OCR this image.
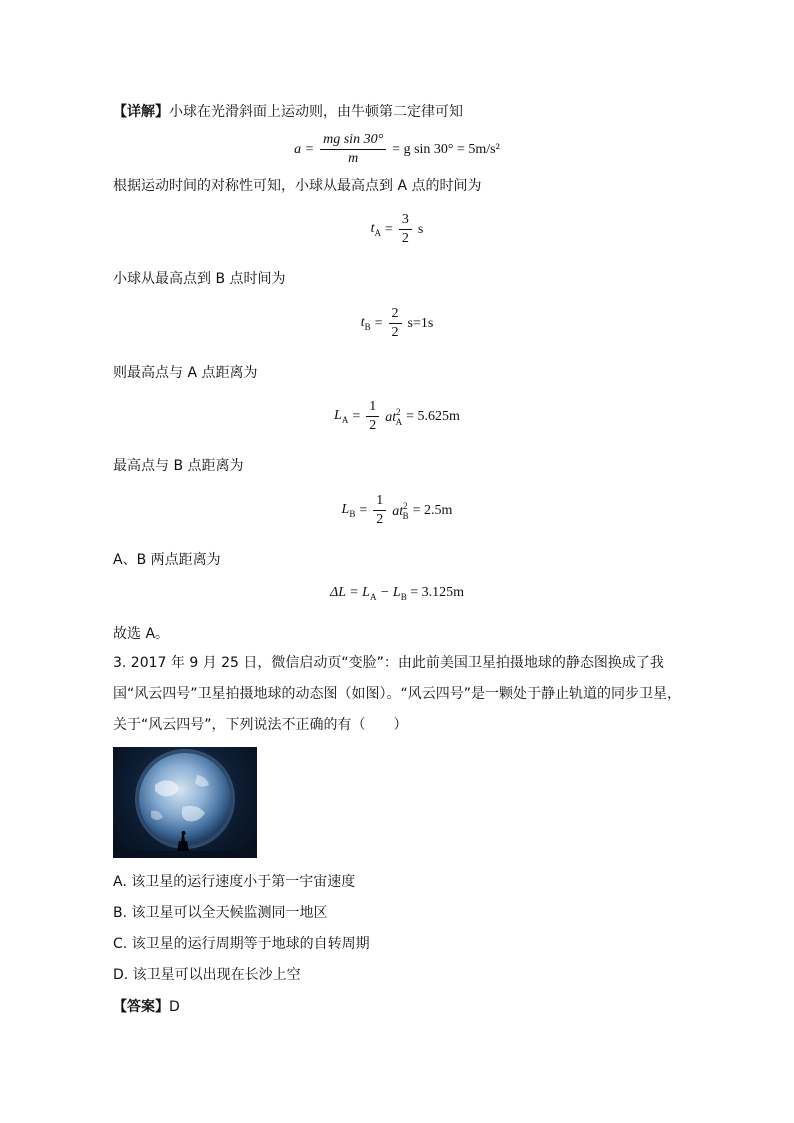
【详解】小球在光滑斜面上运动则，由牛顿第二定律可知
$a = \frac{\text{mg sin 30°}}{m} = g$ sin 30° = 5m/s²
根据运动时间的对称性可知，小球从最高点到 A 点的时间为
$t_A = \frac{3}{2}$ s
小球从最高点到 B 点时间为
$t_B = \frac{2}{2} s=1s$
则最高点与 A 点距离为
$L_A = \frac{1}{2} at^2_A = 5.625m$
最高点与 B 点距离为
$L_B = \frac{1}{2} at^2_B = 2.5m$
A、B 两点距离为
$\Delta L = L_A - L_B = 3.125m$
故选 A。
3. 2017 年 9 月 25 日，微信启动页“变脸”：由此前美国卫星拍摄地球的静态图换成了我国“风云四号”卫星拍摄地球的动态图（如图）。“风云四号”是一颗处于静止轨道的同步卫星，关于“风云四号”，下列说法不正确的有（　　）
A. 该卫星的运行速度小于第一宇宙速度
B. 该卫星可以全天候监测同一地区
C. 该卫星的运行周期等于地球的自转周期
D. 该卫星可以出现在长沙上空
【答案】D
